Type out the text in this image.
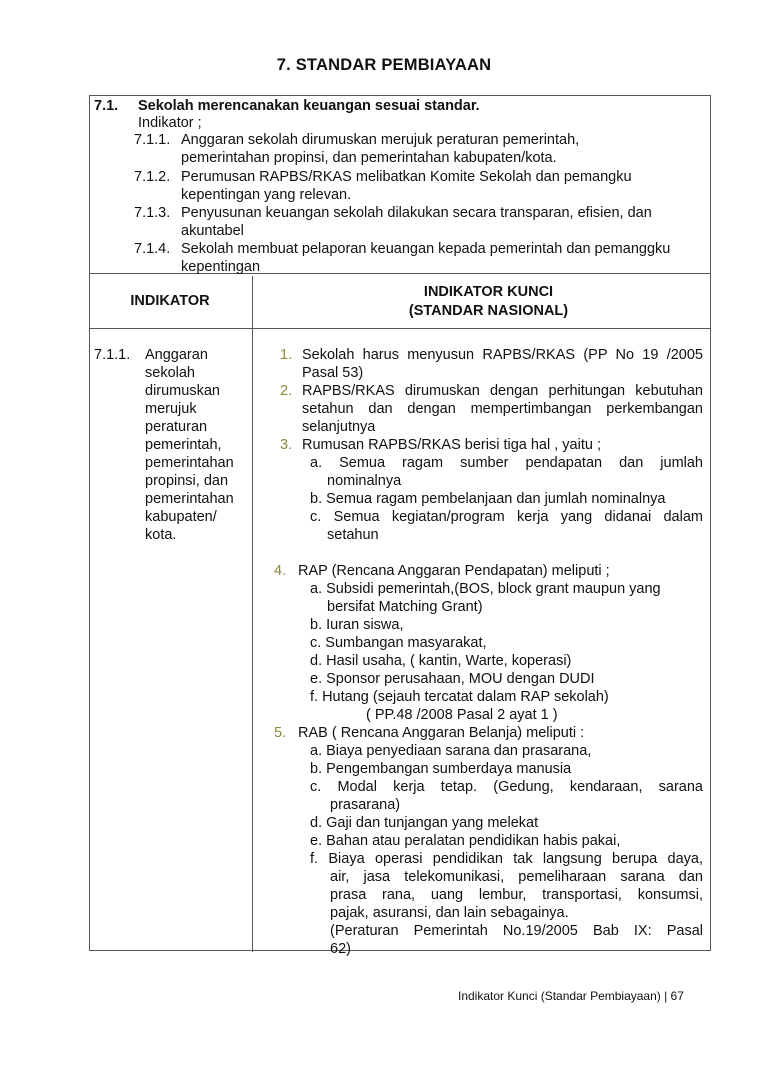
7. STANDAR PEMBIAYAAN
7.1. Sekolah merencanakan keuangan sesuai standar.
Indikator ;
7.1.1. Anggaran sekolah dirumuskan merujuk peraturan pemerintah,
pemerintahan propinsi, dan pemerintahan kabupaten/kota.
7.1.2. Perumusan RAPBS/RKAS melibatkan Komite Sekolah dan pemangku
kepentingan yang relevan.
7.1.3. Penyusunan keuangan sekolah dilakukan secara transparan, efisien, dan
akuntabel
7.1.4. Sekolah membuat pelaporan keuangan kepada pemerintah dan pemanggku
kepentingan
INDIKATOR
INDIKATOR KUNCI
(STANDAR NASIONAL)
7.1.1. Anggaran
sekolah
dirumuskan
merujuk
peraturan
pemerintah,
pemerintahan
propinsi, dan
pemerintahan
kabupaten/
kota.
1. Sekolah harus menyusun RAPBS/RKAS (PP No 19 /2005
Pasal 53)
2. RAPBS/RKAS dirumuskan dengan perhitungan kebutuhan
setahun dan dengan mempertimbangan perkembangan
selanjutnya
3. Rumusan RAPBS/RKAS berisi tiga hal , yaitu ;
a. Semua ragam sumber pendapatan dan jumlah
nominalnya
b. Semua ragam pembelanjaan dan jumlah nominalnya
c. Semua kegiatan/program kerja yang didanai dalam
setahun
4. RAP (Rencana Anggaran Pendapatan) meliputi ;
a. Subsidi pemerintah,(BOS, block grant maupun yang
bersifat Matching Grant)
b. Iuran siswa,
c. Sumbangan masyarakat,
d. Hasil usaha, ( kantin, Warte, koperasi)
e. Sponsor perusahaan, MOU dengan DUDI
f. Hutang (sejauh tercatat dalam RAP sekolah)
( PP.48 /2008 Pasal 2 ayat 1 )
5. RAB ( Rencana Anggaran Belanja) meliputi :
a. Biaya penyediaan sarana dan prasarana,
b. Pengembangan sumberdaya manusia
c. Modal kerja tetap. (Gedung, kendaraan, sarana
prasarana)
d. Gaji dan tunjangan yang melekat
e. Bahan atau peralatan pendidikan habis pakai,
f. Biaya operasi pendidikan tak langsung berupa daya,
air, jasa telekomunikasi, pemeliharaan sarana dan
prasa rana, uang lembur, transportasi, konsumsi,
pajak, asuransi, dan lain sebagainya.
(Peraturan Pemerintah No.19/2005 Bab IX: Pasal
62)
Indikator Kunci (Standar Pembiayaan) | 67
